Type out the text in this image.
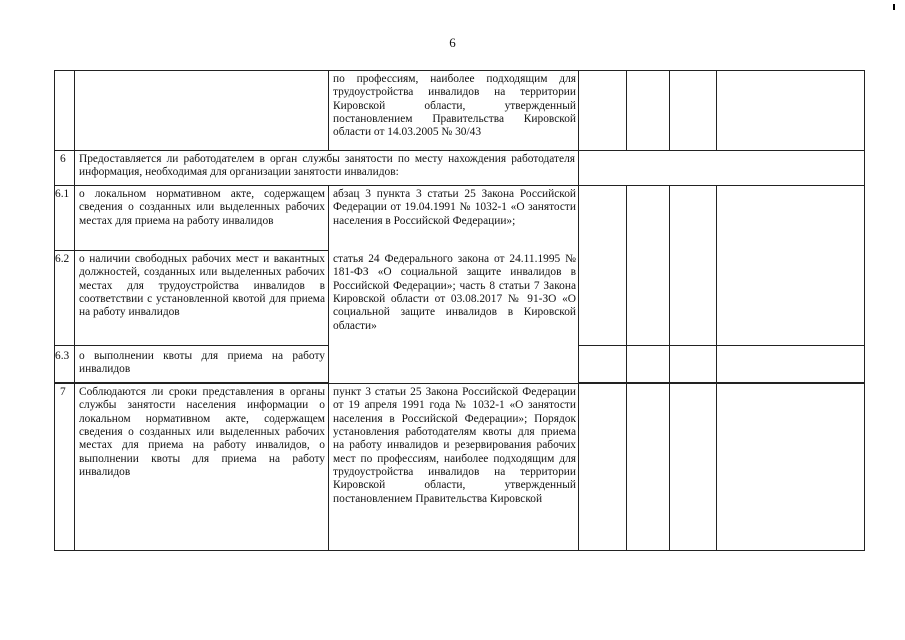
6
по профессиям, наиболее подходящим для трудоустройства инвалидов на территории Кировской области, утвержденный постановлением Правительства Кировской области от 14.03.2005 № 30/43
6 Предоставляется ли работодателем в орган службы занятости по месту нахождения работодателя информация, необходимая для организации занятости инвалидов:
6.1 о локальном нормативном акте, содержащем сведения о созданных или выделенных рабочих местах для приема на работу инвалидов
абзац 3 пункта 3 статьи 25 Закона Российской Федерации от 19.04.1991 № 1032-1 «О занятости населения в Российской Федерации»;
6.2 о наличии свободных рабочих мест и вакантных должностей, созданных или выделенных рабочих местах для трудоустройства инвалидов в соответствии с установленной квотой для приема на работу инвалидов
статья 24 Федерального закона от 24.11.1995 № 181-ФЗ «О социальной защите инвалидов в Российской Федерации»; часть 8 статьи 7 Закона Кировской области от 03.08.2017 № 91-ЗО «О социальной защите инвалидов в Кировской области»
6.3 о выполнении квоты для приема на работу инвалидов
7 Соблюдаются ли сроки представления в органы службы занятости населения информации о локальном нормативном акте, содержащем сведения о созданных или выделенных рабочих местах для приема на работу инвалидов, о выполнении квоты для приема на работу инвалидов
пункт 3 статьи 25 Закона Российской Федерации от 19 апреля 1991 года № 1032-1 «О занятости населения в Российской Федерации»; Порядок установления работодателям квоты для приема на работу инвалидов и резервирования рабочих мест по профессиям, наиболее подходящим для трудоустройства инвалидов на территории Кировской области, утвержденный постановлением Правительства Кировской
